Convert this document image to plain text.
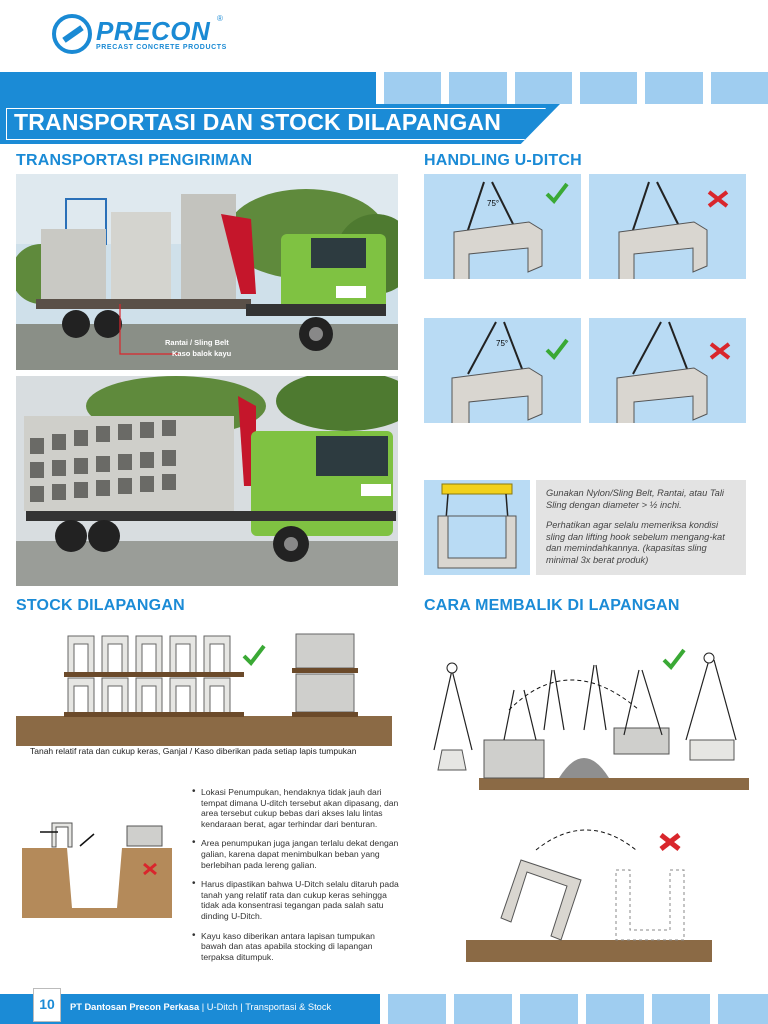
PRECON
PRECAST CONCRETE PRODUCTS
®
TRANSPORTASI DAN STOCK DILAPANGAN
TRANSPORTASI PENGIRIMAN	HANDLING U-DITCH
STOCK DILAPANGAN	CARA MEMBALIK DI LAPANGAN
Rantai / Sling Belt
Kaso balok kayu
75°
75°

Gunakan Nylon/Sling Belt, Rantai, atau Tali Sling dengan diameter > ½ inchi.

Perhatikan agar selalu memeriksa kondisi sling dan lifting hook sebelum mengang-kat dan memindahkannya. (kapasitas sling minimal 3x berat produk)

Tanah relatif rata dan cukup keras, Ganjal / Kaso diberikan pada setiap lapis tumpukan
• Lokasi Penumpukan, hendaknya tidak jauh dari tempat dimana U-ditch tersebut akan dipasang, dan area tersebut cukup bebas dari akses lalu lintas kendaraan berat, agar terhindar dari benturan.
• Area penumpukan juga jangan terlalu dekat dengan galian, karena dapat menimbulkan beban yang berlebihan pada lereng galian.
• Harus dipastikan bahwa U-Ditch selalu ditaruh pada tanah yang relatif rata dan cukup keras sehingga tidak ada konsentrasi tegangan pada salah satu dinding U-Ditch.
• Kayu kaso diberikan antara lapisan tumpukan bawah dan atas apabila stocking di lapangan terpaksa ditumpuk.
10	PT Dantosan Precon Perkasa | U-Ditch | Transportasi & Stock
